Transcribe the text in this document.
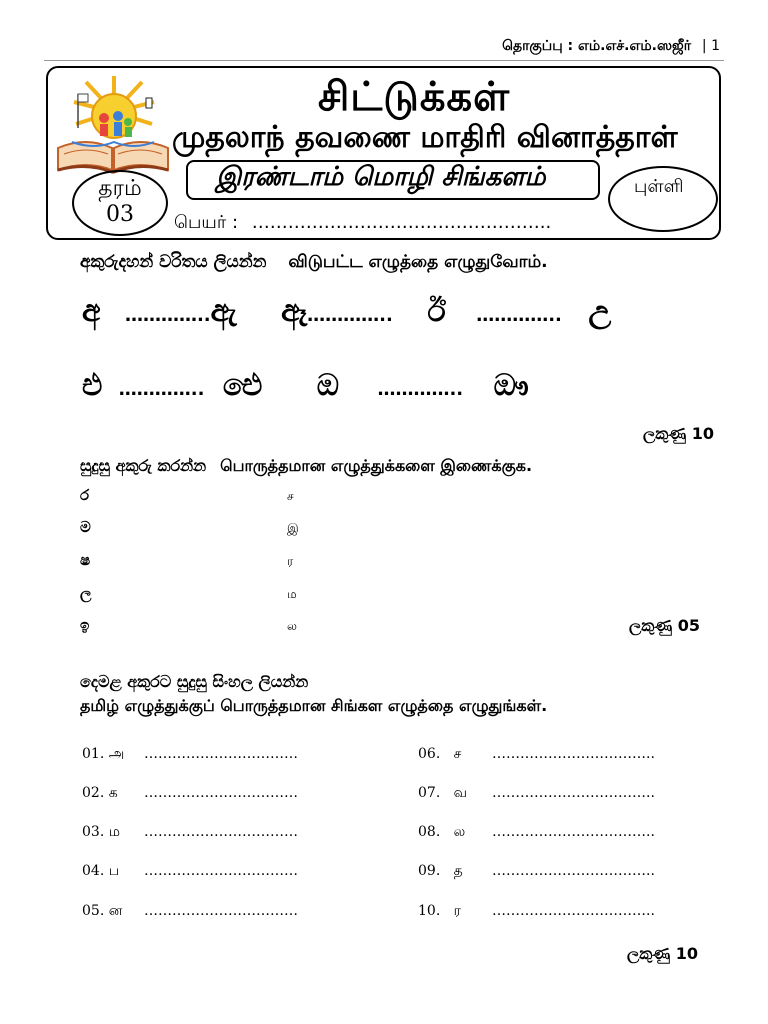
தொகுப்பு : எம்.எச்.எம்.ஸஜீர் | 1
சிட்டுக்கள்
முதலாந் தவணை மாதிரி வினாத்தாள்
இரண்டாம் மொழி சிங்களம்
தரம்
03
புள்ளி
பெயர் : …………………………………………..
අකුරුදහන් වරිතය ලියන්න விடுபட்ட எழுத்தை எழுதுவோம்.
අ …………..ඇ ඈ………….. ඊ ………….. උ
එ ………….. ඓ ඔ ………….. ඖ
ලකුණු 10
සුදුසු අකුරු කරන්න பொருத்தமான எழுத்துக்களை இணைக்குக.
ර
ම
ෂ
ල
ඉ
ச
இ
ர
ம
ல	ලකුණු 05
දෙමළ අකුරට සුදුසු සිංහල ලියන්න
தமிழ் எழுத்துக்குப் பொருத்தமான சிங்கள எழுத்தை எழுதுங்கள்.
01. அ ……………………………
02. க ……………………………
03. ம ……………………………
04. ப ……………………………
05. ன ……………………………
06. ச ……………………………..
07. வ ……………………………..
08. ல ……………………………..
09. த ……………………………..
10. ர ……………………………..
ලකුණු 10
